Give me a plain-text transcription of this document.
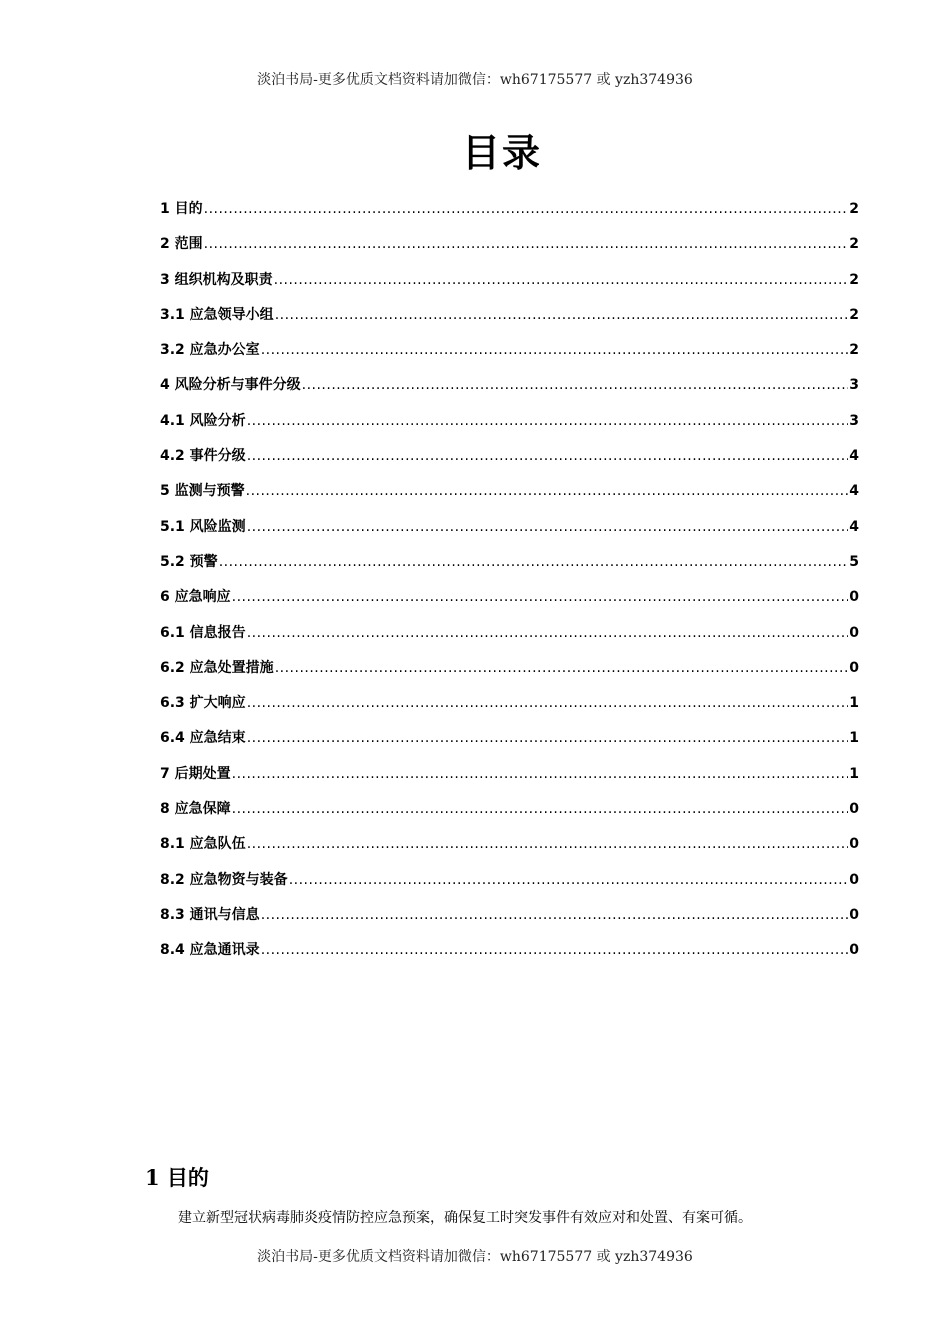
淡泊书局-更多优质文档资料请加微信：wh67175577 或 yzh374936
目录
1 目的 .....	2
2 范围 .....	2
3 组织机构及职责 .....	2
3.1 应急领导小组 .....	2
3.2 应急办公室 .....	2
4 风险分析与事件分级 .....	3
4.1 风险分析 .....	3
4.2 事件分级 .....	4
5 监测与预警 .....	4
5.1 风险监测 .....	4
5.2 预警 .....	5
6 应急响应 .....	0
6.1 信息报告 .....	0
6.2 应急处置措施 .....	0
6.3 扩大响应 .....	1
6.4 应急结束 .....	1
7 后期处置 .....	1
8 应急保障 .....	0
8.1 应急队伍 .....	0
8.2 应急物资与装备 .....	0
8.3 通讯与信息 .....	0
8.4 应急通讯录 .....	0
1 目的
建立新型冠状病毒肺炎疫情防控应急预案，确保复工时突发事件有效应对和处置、有案可循。
淡泊书局-更多优质文档资料请加微信：wh67175577 或 yzh374936
